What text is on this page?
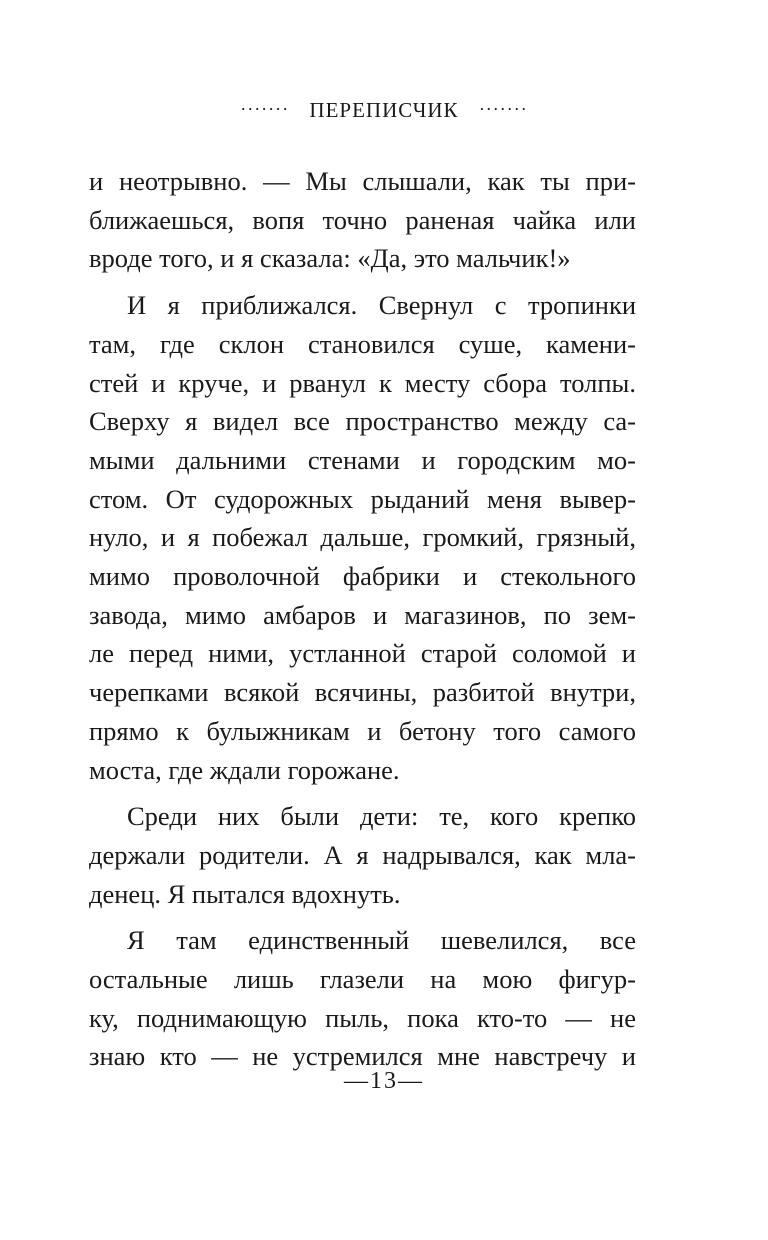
······· ПЕРЕПИСЧИК ·······

и неотрывно. — Мы слышали, как ты при-
ближаешься, вопя точно раненая чайка или
вроде того, и я сказала: «Да, это мальчик!»

И я приближался. Свернул с тропинки
там, где склон становился суше, камени-
стей и круче, и рванул к месту сбора толпы.
Сверху я видел все пространство между са-
мыми дальними стенами и городским мо-
стом. От судорожных рыданий меня вывер-
нуло, и я побежал дальше, громкий, грязный,
мимо проволочной фабрики и стекольного
завода, мимо амбаров и магазинов, по зем-
ле перед ними, устланной старой соломой и
черепками всякой всячины, разбитой внутри,
прямо к булыжникам и бетону того самого
моста, где ждали горожане.

Среди них были дети: те, кого крепко
держали родители. А я надрывался, как мла-
денец. Я пытался вдохнуть.

Я там единственный шевелился, все
остальные лишь глазели на мою фигур-
ку, поднимающую пыль, пока кто-то — не
знаю кто — не устремился мне навстречу и

—13—
